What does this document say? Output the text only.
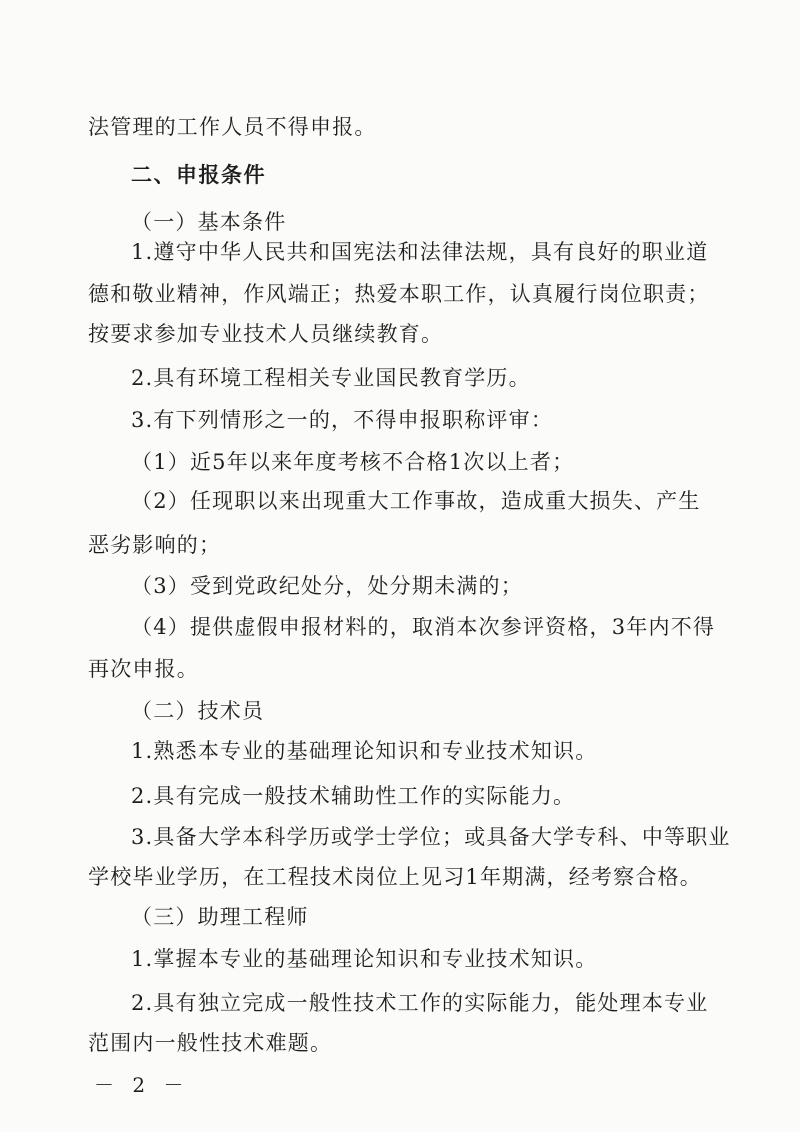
法管理的工作人员不得申报。
二、申报条件
（一）基本条件
1.遵守中华人民共和国宪法和法律法规，具有良好的职业道
德和敬业精神，作风端正；热爱本职工作，认真履行岗位职责；
按要求参加专业技术人员继续教育。
2.具有环境工程相关专业国民教育学历。
3.有下列情形之一的，不得申报职称评审：
（1）近5年以来年度考核不合格1次以上者；
（2）任现职以来出现重大工作事故，造成重大损失、产生
恶劣影响的；
（3）受到党政纪处分，处分期未满的；
（4）提供虚假申报材料的，取消本次参评资格，3年内不得
再次申报。
（二）技术员
1.熟悉本专业的基础理论知识和专业技术知识。
2.具有完成一般技术辅助性工作的实际能力。
3.具备大学本科学历或学士学位；或具备大学专科、中等职业
学校毕业学历，在工程技术岗位上见习1年期满，经考察合格。
（三）助理工程师
1.掌握本专业的基础理论知识和专业技术知识。
2.具有独立完成一般性技术工作的实际能力，能处理本专业
范围内一般性技术难题。
－ 2 －
